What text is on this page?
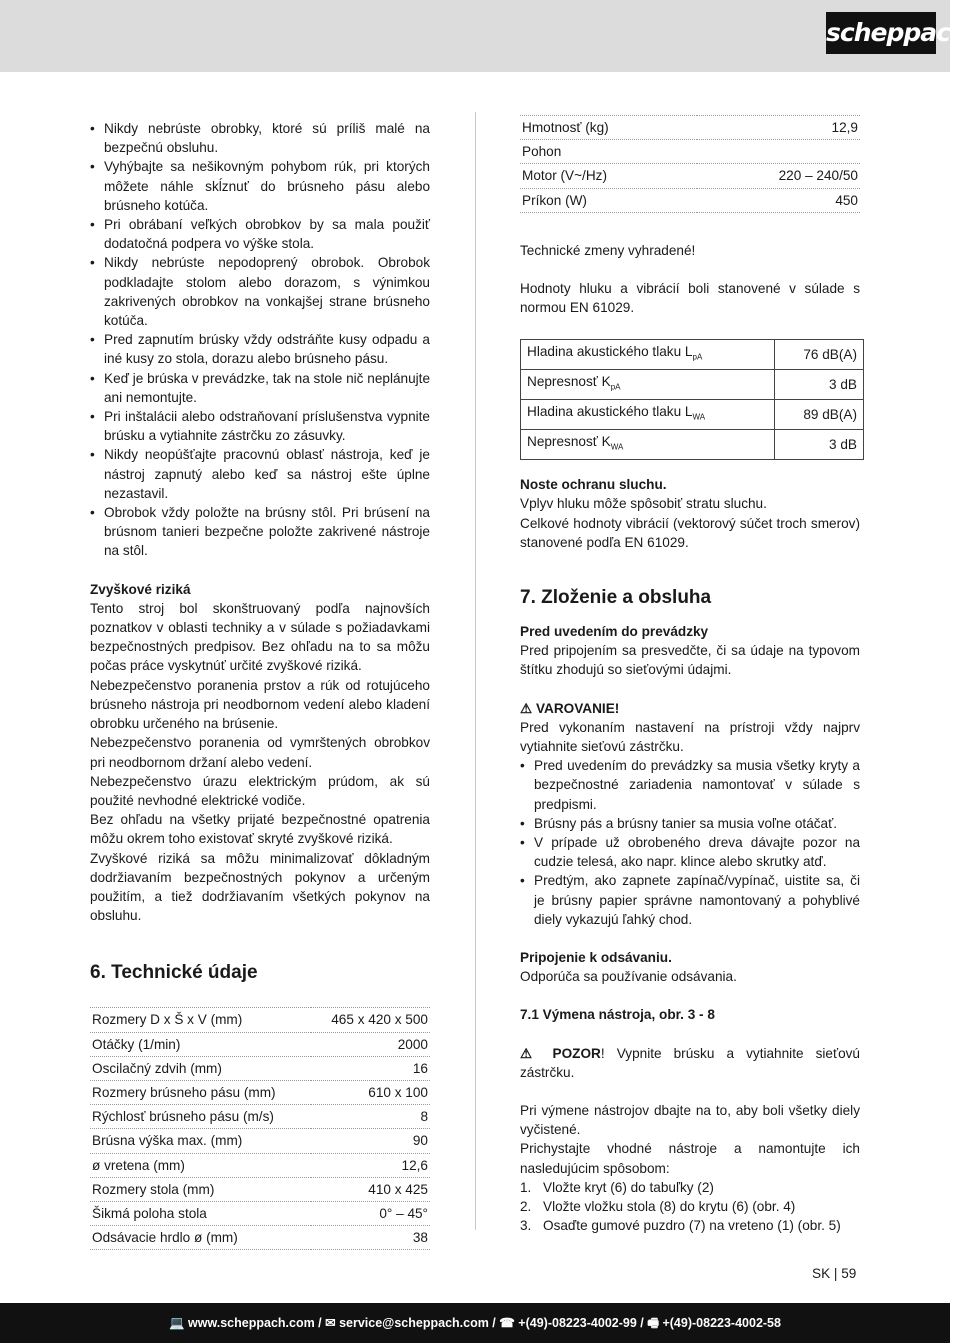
scheppach
• Nikdy nebrúste obrobky, ktoré sú príliš malé na bezpečnú obsluhu.
• Vyhýbajte sa nešikovným pohybom rúk, pri ktorých môžete náhle skĺznuť do brúsneho pásu alebo brúsneho kotúča.
• Pri obrábaní veľkých obrobkov by sa mala použiť dodatočná podpera vo výške stola.
• Nikdy nebrúste nepodoprený obrobok. Obrobok podkladajte stolom alebo dorazom, s výnimkou zakrivených obrobkov na vonkajšej strane brúsneho kotúča.
• Pred zapnutím brúsky vždy odstráňte kusy odpadu a iné kusy zo stola, dorazu alebo brúsneho pásu.
• Keď je brúska v prevádzke, tak na stole nič neplánujte ani nemontujte.
• Pri inštalácii alebo odstraňovaní príslušenstva vypnite brúsku a vytiahnite zástrčku zo zásuvky.
• Nikdy neopúšťajte pracovnú oblasť nástroja, keď je nástroj zapnutý alebo keď sa nástroj ešte úplne nezastavil.
• Obrobok vždy položte na brúsny stôl. Pri brúsení na brúsnom tanieri bezpečne položte zakrivené nástroje na stôl.

Zvyškové riziká

Tento stroj bol skonštruovaný podľa najnovších poznatkov v oblasti techniky a v súlade s požiadavkami bezpečnostných predpisov. Bez ohľadu na to sa môžu počas práce vyskytnúť určité zvyškové riziká.

Nebezpečenstvo poranenia prstov a rúk od rotujúceho brúsneho nástroja pri neodbornom vedení alebo kladení obrobku určeného na brúsenie.

Nebezpečenstvo poranenia od vymrštených obrobkov pri neodbornom držaní alebo vedení.

Nebezpečenstvo úrazu elektrickým prúdom, ak sú použité nevhodné elektrické vodiče.

Bez ohľadu na všetky prijaté bezpečnostné opatrenia môžu okrem toho existovať skryté zvyškové riziká.

Zvyškové riziká sa môžu minimalizovať dôkladným dodržiavaním bezpečnostných pokynov a určeným použitím, a tiež dodržiavaním všetkých pokynov na obsluhu.

6. Technické údaje
Rozmery D x Š x V (mm)	465 x 420 x 500
Otáčky (1/min)	2000
Oscilačný zdvih (mm)	16
Rozmery brúsneho pásu (mm)	610 x 100
Rýchlosť brúsneho pásu (m/s)	8
Brúsna výška max. (mm)	90
ø vretena (mm)	12,6
Rozmery stola (mm)	410 x 425
Šikmá poloha stola	0° – 45°
Odsávacie hrdlo ø (mm)	38
Hmotnosť (kg)	12,9
Pohon	
Motor (V~/Hz)	220 – 240/50
Príkon (W)	450

Technické zmeny vyhradené!

Hodnoty hluku a vibrácií boli stanovené v súlade s normou EN 61029.

Hladina akustického tlaku $L_{pA}$	76 dB(A)
Nepresnosť $K_{pA}$	3 dB
Hladina akustického tlaku $L_{WA}$	89 dB(A)
Nepresnosť $K_{WA}$	3 dB

Noste ochranu sluchu.

Vplyv hluku môže spôsobiť stratu sluchu.

Celkové hodnoty vibrácií (vektorový súčet troch smerov) stanovené podľa EN 61029.

7. Zloženie a obsluha

Pred uvedením do prevádzky

Pred pripojením sa presvedčte, či sa údaje na typovom štítku zhodujú so sieťovými údajmi.

⚠ VAROVANIE!

Pred vykonaním nastavení na prístroji vždy najprv vytiahnite sieťovú zástrčku.

• Pred uvedením do prevádzky sa musia všetky kryty a bezpečnostné zariadenia namontovať v súlade s predpismi.
• Brúsny pás a brúsny tanier sa musia voľne otáčať.
• V prípade už obrobeného dreva dávajte pozor na cudzie telesá, ako napr. klince alebo skrutky atď.
• Predtým, ako zapnete zapínač/vypínač, uistite sa, či je brúsny papier správne namontovaný a pohyblivé diely vykazujú ľahký chod.

Pripojenie k odsávaniu.

Odporúča sa používanie odsávania.

7.1 Výmena nástroja, obr. 3 - 8

⚠ POZOR! Vypnite brúsku a vytiahnite sieťovú zástrčku.

Pri výmene nástrojov dbajte na to, aby boli všetky diely vyčistené.

Prichystajte vhodné nástroje a namontujte ich nasledujúcim spôsobom:

1. Vložte kryt (6) do tabuľky (2)
2. Vložte vložku stola (8) do krytu (6) (obr. 4)
3. Osaďte gumové puzdro (7) na vreteno (1) (obr. 5)
SK | 59
💻 www.scheppach.com / ✉ service@scheppach.com / ☎ +(49)-08223-4002-99 / 🖷 +(49)-08223-4002-58
